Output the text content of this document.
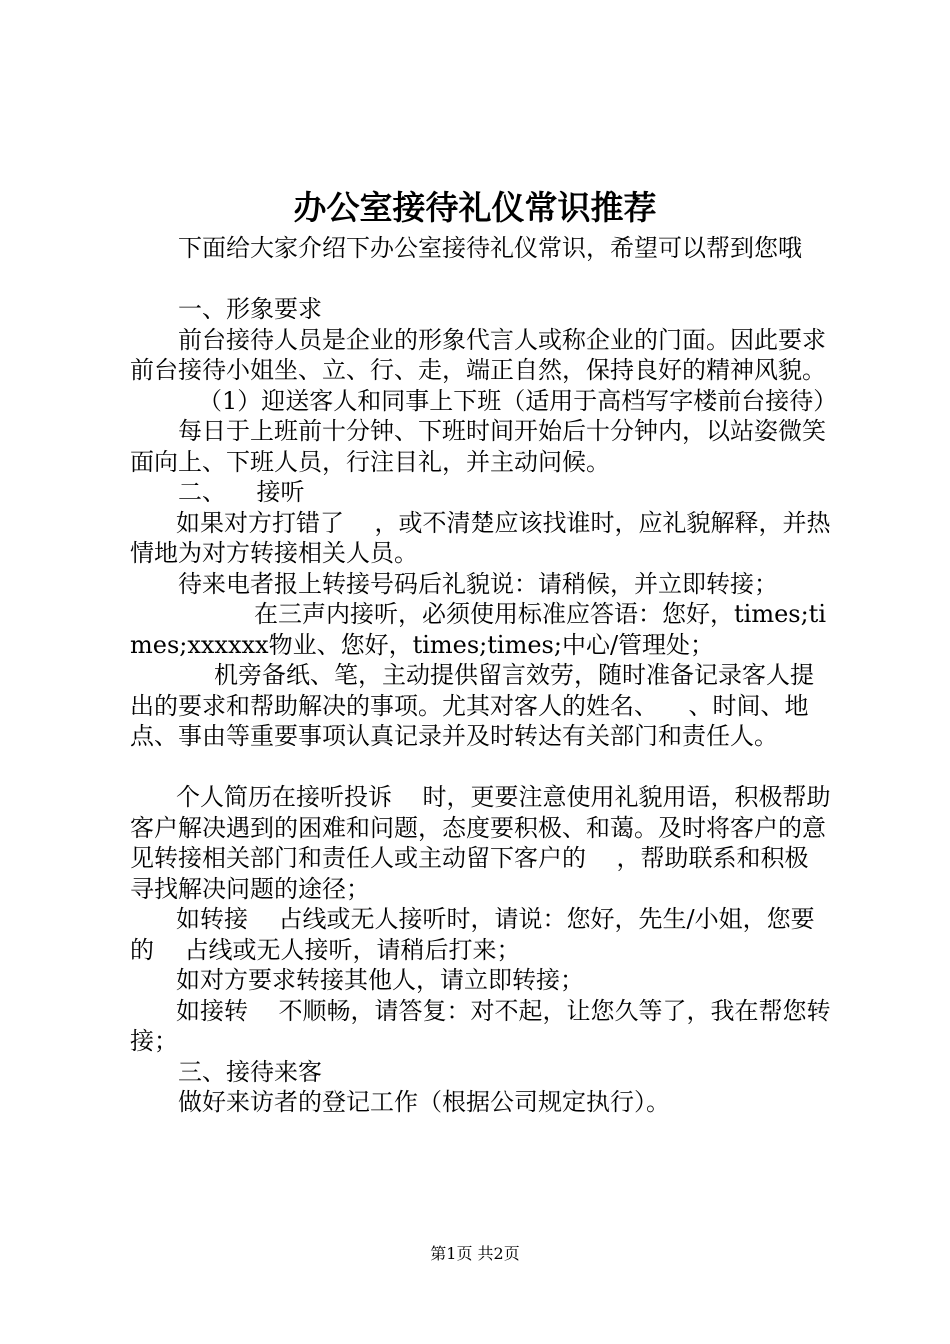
办公室接待礼仪常识推荐

下面给大家介绍下办公室接待礼仪常识，希望可以帮到您哦

一、形象要求

前台接待人员是企业的形象代言人或称企业的门面。因此要求前台接待小姐坐、立、行、走，端正自然，保持良好的精神风貌。

（1）迎送客人和同事上下班（适用于高档写字楼前台接待）

每日于上班前十分钟、下班时间开始后十分钟内，以站姿微笑面向上、下班人员，行注目礼，并主动问候。

二、    接听

如果对方打错了    ，或不清楚应该找谁时，应礼貌解释，并热情地为对方转接相关人员。

待来电者报上转接号码后礼貌说：请稍候，并立即转接；

在三声内接听，必须使用标准应答语：您好，times;times;xxxxxx物业、您好，times;times;中心/管理处；

机旁备纸、笔，主动提供留言效劳，随时准备记录客人提出的要求和帮助解决的事项。尤其对客人的姓名、    、时间、地点、事由等重要事项认真记录并及时转达有关部门和责任人。

个人简历在接听投诉    时，更要注意使用礼貌用语，积极帮助客户解决遇到的困难和问题，态度要积极、和蔼。及时将客户的意见转接相关部门和责任人或主动留下客户的    ，帮助联系和积极寻找解决问题的途径；

如转接    占线或无人接听时，请说：您好，先生/小姐，您要的    占线或无人接听，请稍后打来；

如对方要求转接其他人，请立即转接；

如接转    不顺畅，请答复：对不起，让您久等了，我在帮您转接；

三、接待来客

做好来访者的登记工作（根据公司规定执行）。

第1页 共2页
